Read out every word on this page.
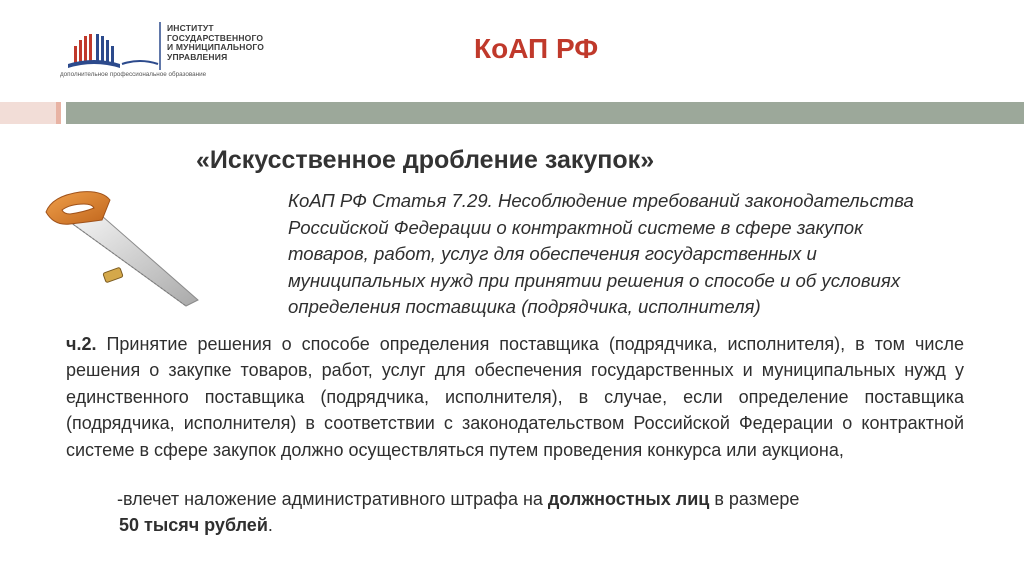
ИНСТИТУТ
ГОСУДАРСТВЕННОГО
И МУНИЦИПАЛЬНОГО
УПРАВЛЕНИЯ
дополнительное профессиональное образование
КоАП РФ
«Искусственное дробление закупок»
КоАП РФ Статья 7.29. Несоблюдение требований законодательства
Российской Федерации о контрактной системе в сфере закупок
товаров, работ, услуг для обеспечения государственных и
муниципальных нужд при принятии решения о способе и об условиях
определения поставщика (подрядчика, исполнителя)
ч.2. Принятие решения о способе определения поставщика (подрядчика, исполнителя), в том числе решения о закупке товаров, работ, услуг для обеспечения государственных и муниципальных нужд у единственного поставщика (подрядчика, исполнителя), в случае, если определение поставщика (подрядчика, исполнителя) в соответствии с законодательством Российской Федерации о контрактной системе в сфере закупок должно осуществляться путем проведения конкурса или аукциона,
-влечет наложение административного штрафа на должностных лиц в размере
50 тысяч рублей.
